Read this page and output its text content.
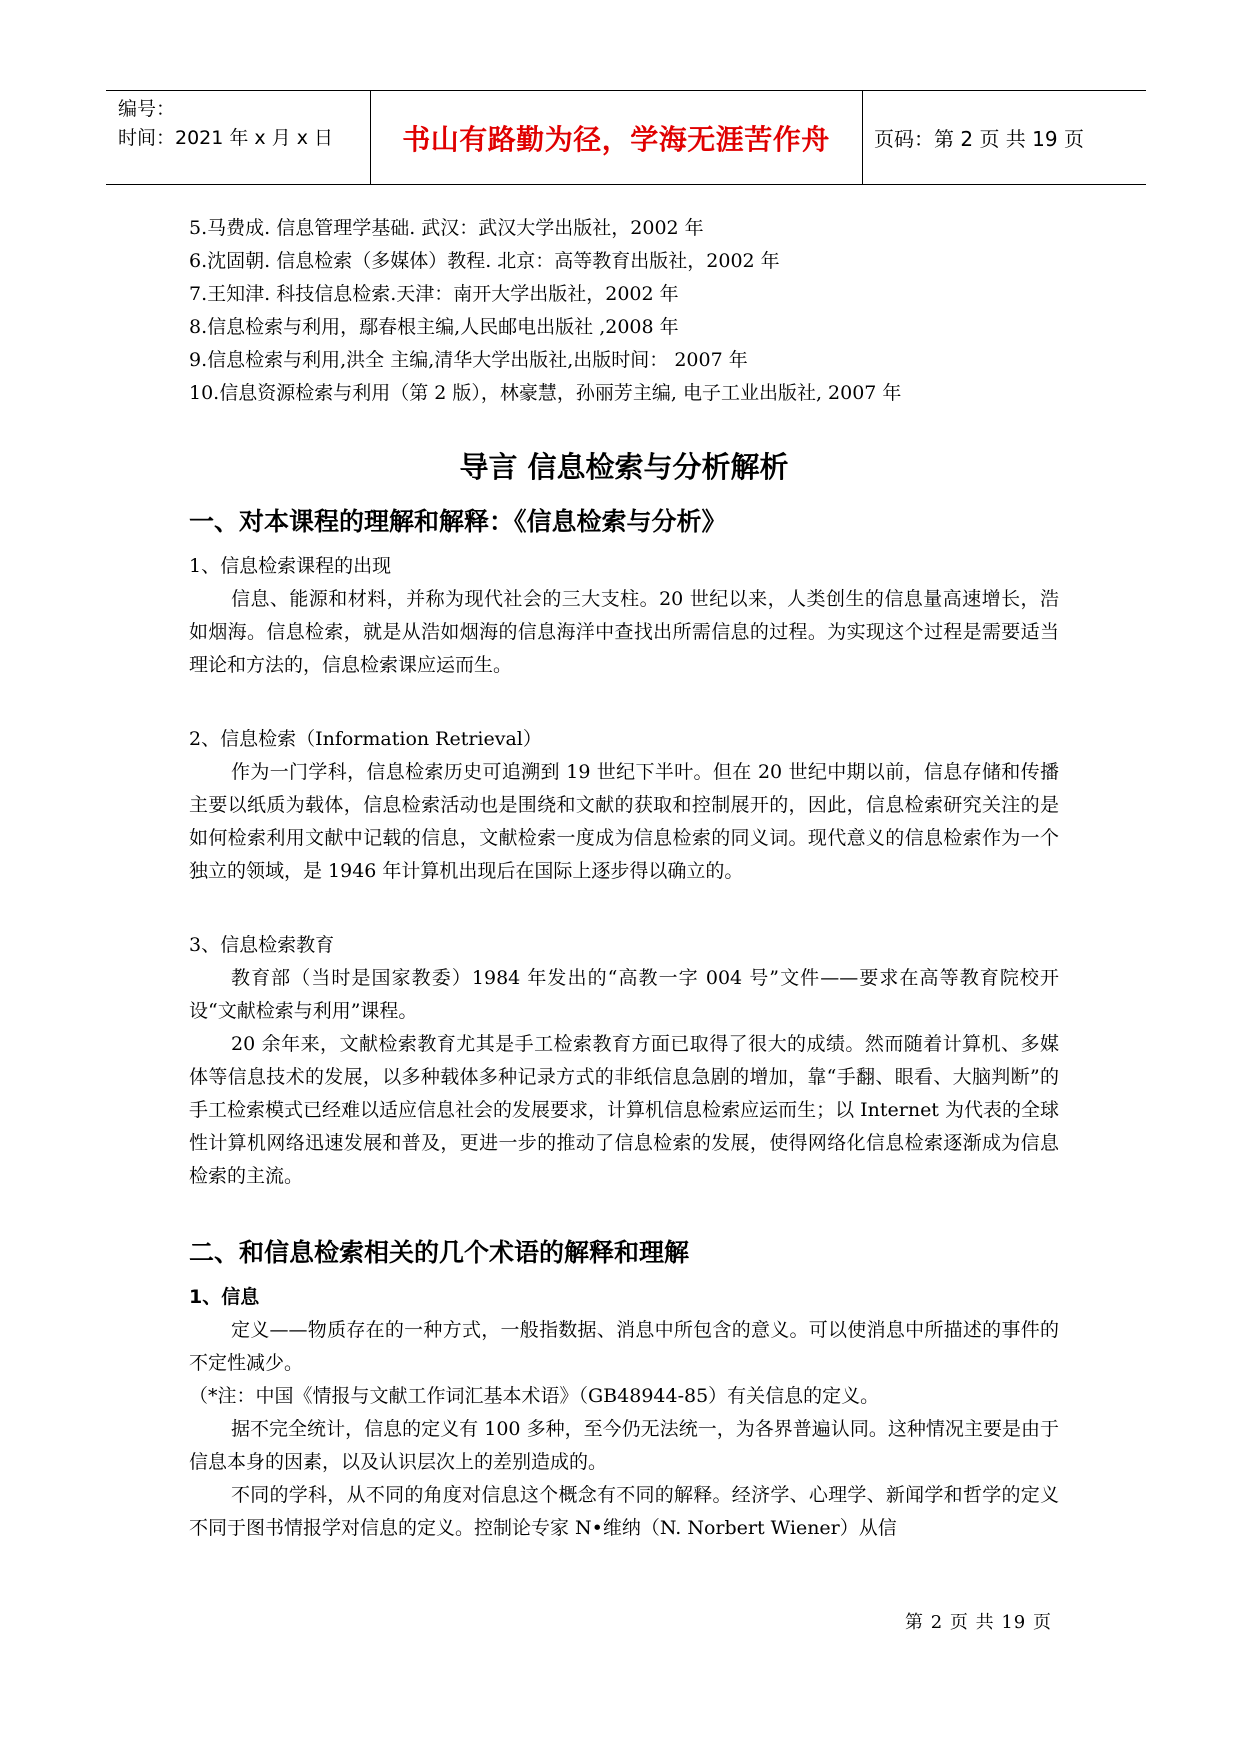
编号：
时间：2021 年 x 月 x 日	书山有路勤为径，学海无涯苦作舟	页码：第 2 页 共 19 页
5.马费成. 信息管理学基础. 武汉：武汉大学出版社，2002 年
6.沈固朝. 信息检索（多媒体）教程. 北京：高等教育出版社，2002 年
7.王知津. 科技信息检索.天津：南开大学出版社，2002 年
8.信息检索与利用，鄢春根主编,人民邮电出版社 ,2008 年
9.信息检索与利用,洪全 主编,清华大学出版社,出版时间： 2007 年
10.信息资源检索与利用（第 2 版），林豪慧，孙丽芳主编, 电子工业出版社, 2007 年
导言 信息检索与分析解析
一、对本课程的理解和解释：《信息检索与分析》
1、信息检索课程的出现
信息、能源和材料，并称为现代社会的三大支柱。20 世纪以来，人类创生的信息量高速增长，浩如烟海。信息检索，就是从浩如烟海的信息海洋中查找出所需信息的过程。为实现这个过程是需要适当理论和方法的，信息检索课应运而生。
2、信息检索（Information Retrieval）
作为一门学科，信息检索历史可追溯到 19 世纪下半叶。但在 20 世纪中期以前，信息存储和传播主要以纸质为载体，信息检索活动也是围绕和文献的获取和控制展开的，因此，信息检索研究关注的是如何检索利用文献中记载的信息，文献检索一度成为信息检索的同义词。现代意义的信息检索作为一个独立的领域，是 1946 年计算机出现后在国际上逐步得以确立的。
3、信息检索教育
教育部（当时是国家教委）1984 年发出的“高教一字 004 号”文件——要求在高等教育院校开设“文献检索与利用”课程。
20 余年来，文献检索教育尤其是手工检索教育方面已取得了很大的成绩。然而随着计算机、多媒体等信息技术的发展，以多种载体多种记录方式的非纸信息急剧的增加，靠“手翻、眼看、大脑判断”的手工检索模式已经难以适应信息社会的发展要求，计算机信息检索应运而生；以 Internet 为代表的全球性计算机网络迅速发展和普及，更进一步的推动了信息检索的发展，使得网络化信息检索逐渐成为信息检索的主流。
二、和信息检索相关的几个术语的解释和理解
1、信息
定义——物质存在的一种方式，一般指数据、消息中所包含的意义。可以使消息中所描述的事件的不定性减少。
（*注：中国《情报与文献工作词汇基本术语》（GB48944-85）有关信息的定义。
据不完全统计，信息的定义有 100 多种，至今仍无法统一，为各界普遍认同。这种情况主要是由于信息本身的因素，以及认识层次上的差别造成的。
不同的学科，从不同的角度对信息这个概念有不同的解释。经济学、心理学、新闻学和哲学的定义不同于图书情报学对信息的定义。控制论专家 N•维纳（N. Norbert Wiener）从信
第 2 页 共 19 页
